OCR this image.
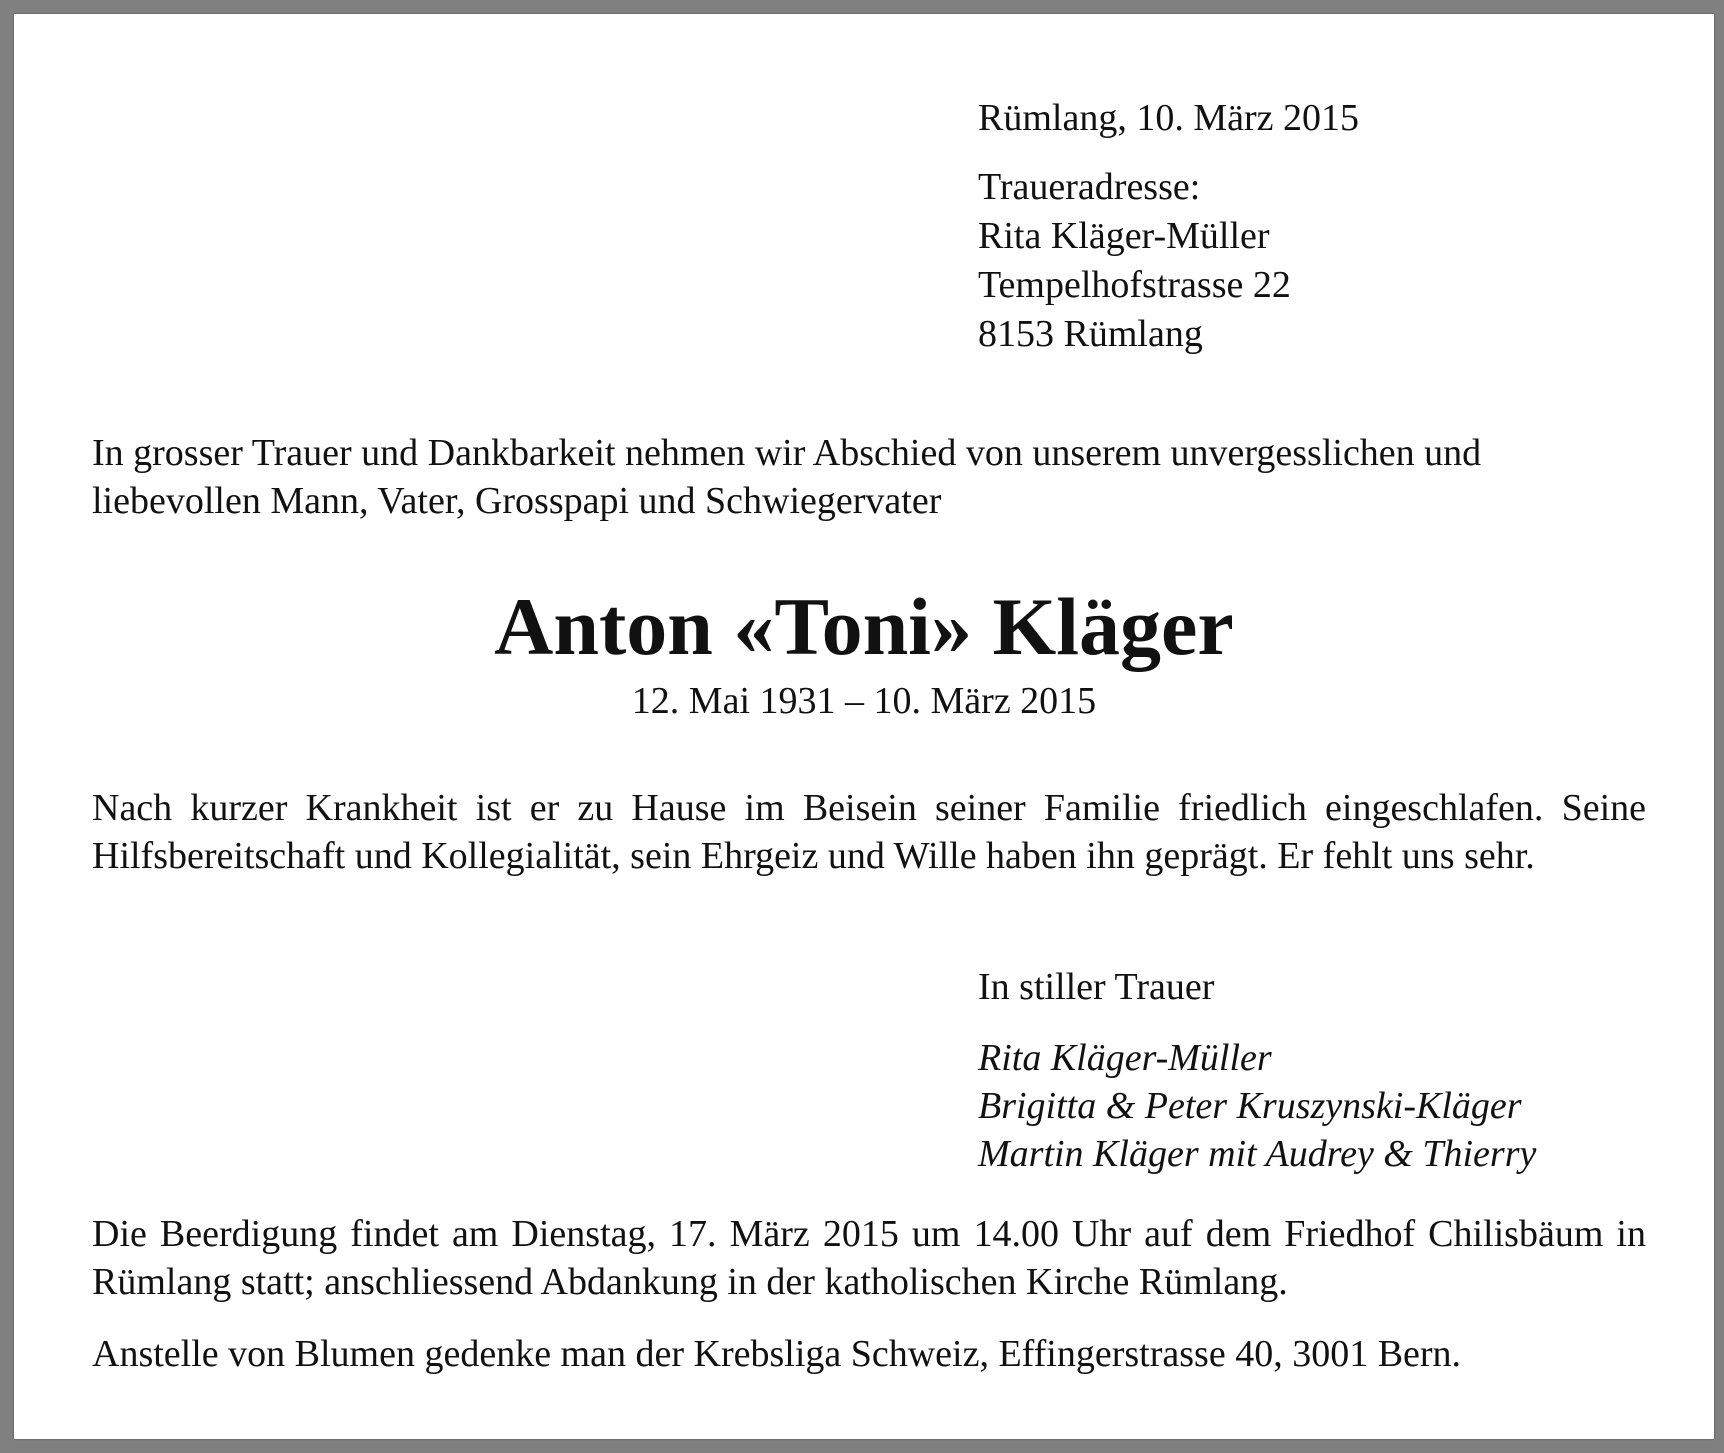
Rümlang, 10. März 2015
Traueradresse:
Rita Kläger-Müller
Tempelhofstrasse 22
8153 Rümlang

In grosser Trauer und Dankbarkeit nehmen wir Abschied von unserem unvergesslichen und liebevollen Mann, Vater, Grosspapi und Schwiegervater

Anton «Toni» Kläger
12. Mai 1931 – 10. März 2015

Nach kurzer Krankheit ist er zu Hause im Beisein seiner Familie friedlich eingeschlafen. Seine Hilfsbereitschaft und Kollegialität, sein Ehrgeiz und Wille haben ihn geprägt. Er fehlt uns sehr.

In stiller Trauer
Rita Kläger-Müller
Brigitta & Peter Kruszynski-Kläger
Martin Kläger mit Audrey & Thierry

Die Beerdigung findet am Dienstag, 17. März 2015 um 14.00 Uhr auf dem Friedhof Chilisbäum in Rümlang statt; anschliessend Abdankung in der katholischen Kirche Rümlang.

Anstelle von Blumen gedenke man der Krebsliga Schweiz, Effingerstrasse 40, 3001 Bern.
